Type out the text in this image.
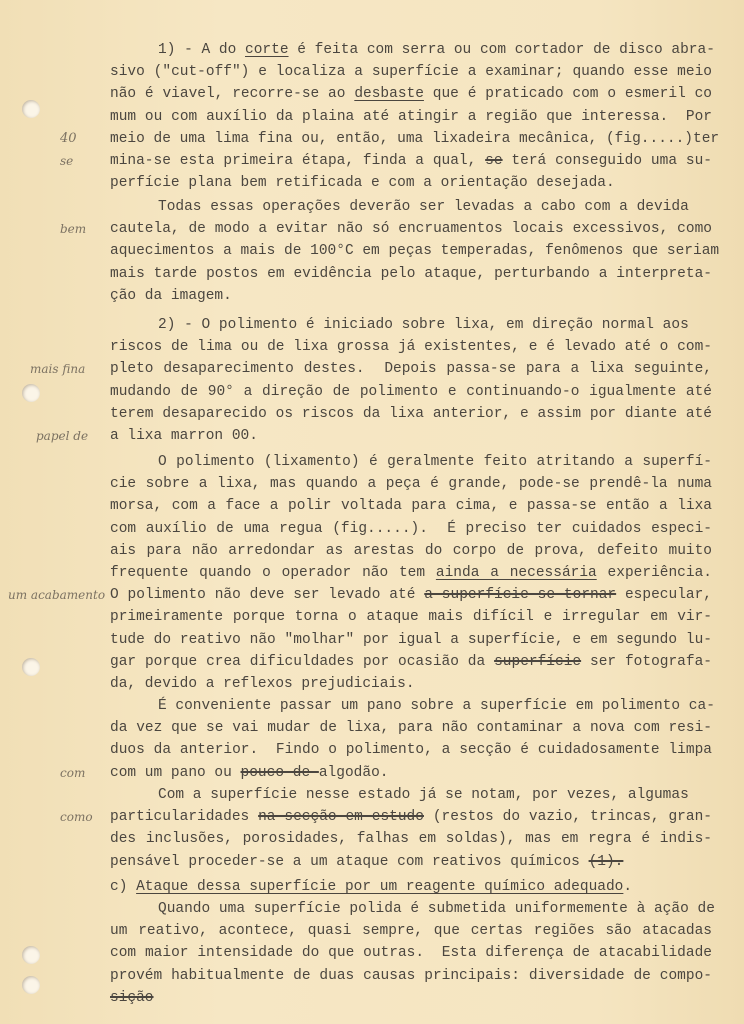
1) - A do corte é feita com serra ou com cortador de disco abra-
sivo ("cut-off") e localiza a superfície a examinar; quando esse meio
não é viavel, recorre-se ao desbaste que é praticado com o esmeril co
mum ou com auxílio da plaina até atingir a região que interessa.  Por
meio de uma lima fina ou, então, uma lixadeira mecânica, (fig.....)ter
mina-se esta primeira étapa, finda a qual, se terá conseguido uma su-
perfície plana bem retificada e com a orientação desejada.
Todas essas operações deverão ser levadas a cabo com a devida
cautela, de modo a evitar não só encruamentos locais excessivos, como
aquecimentos a mais de 100°C em peças temperadas, fenômenos que seriam
mais tarde postos em evidência pelo ataque, perturbando a interpreta-
ção da imagem.
2) - O polimento é iniciado sobre lixa, em direção normal aos
riscos de lima ou de lixa grossa já existentes, e é levado até o com-
pleto desaparecimento destes.  Depois passa-se para a lixa seguinte,
mudando de 90° a direção de polimento e continuando-o igualmente até
terem desaparecido os riscos da lixa anterior, e assim por diante até
a lixa marron 00.
O polimento (lixamento) é geralmente feito atritando a superfí-
cie sobre a lixa, mas quando a peça é grande, pode-se prendê-la numa
morsa, com a face a polir voltada para cima, e passa-se então a lixa
com auxílio de uma regua (fig.....).  É preciso ter cuidados especi-
ais para não arredondar as arestas do corpo de prova, defeito muito
frequente quando o operador não tem ainda a necessária experiência.
O polimento não deve ser levado até a superfície se tornar especular,
primeiramente porque torna o ataque mais difícil e irregular em vir-
tude do reativo não "molhar" por igual a superfície, e em segundo lu-
gar porque crea dificuldades por ocasião da superfície ser fotografa-
da, devido a reflexos prejudiciais.
É conveniente passar um pano sobre a superfície em polimento ca-
da vez que se vai mudar de lixa, para não contaminar a nova com resi-
duos da anterior.  Findo o polimento, a secção é cuidadosamente limpa
com um pano ou pouco de algodão.
Com a superfície nesse estado já se notam, por vezes, algumas
particularidades na secção em estudo (restos do vazio, trincas, gran-
des inclusões, porosidades, falhas em soldas), mas em regra é indis-
pensável proceder-se a um ataque com reativos químicos (1).
c) Ataque dessa superfície por um reagente químico adequado.
Quando uma superfície polida é submetida uniformemente à ação de
um reativo, acontece, quasi sempre, que certas regiões são atacadas
com maior intensidade do que outras.  Esta diferença de atacabilidade
provém habitualmente de duas causas principais: diversidade de compo-
sição
40
se
bem
mais fina
papel de
um acabamento
com
como
